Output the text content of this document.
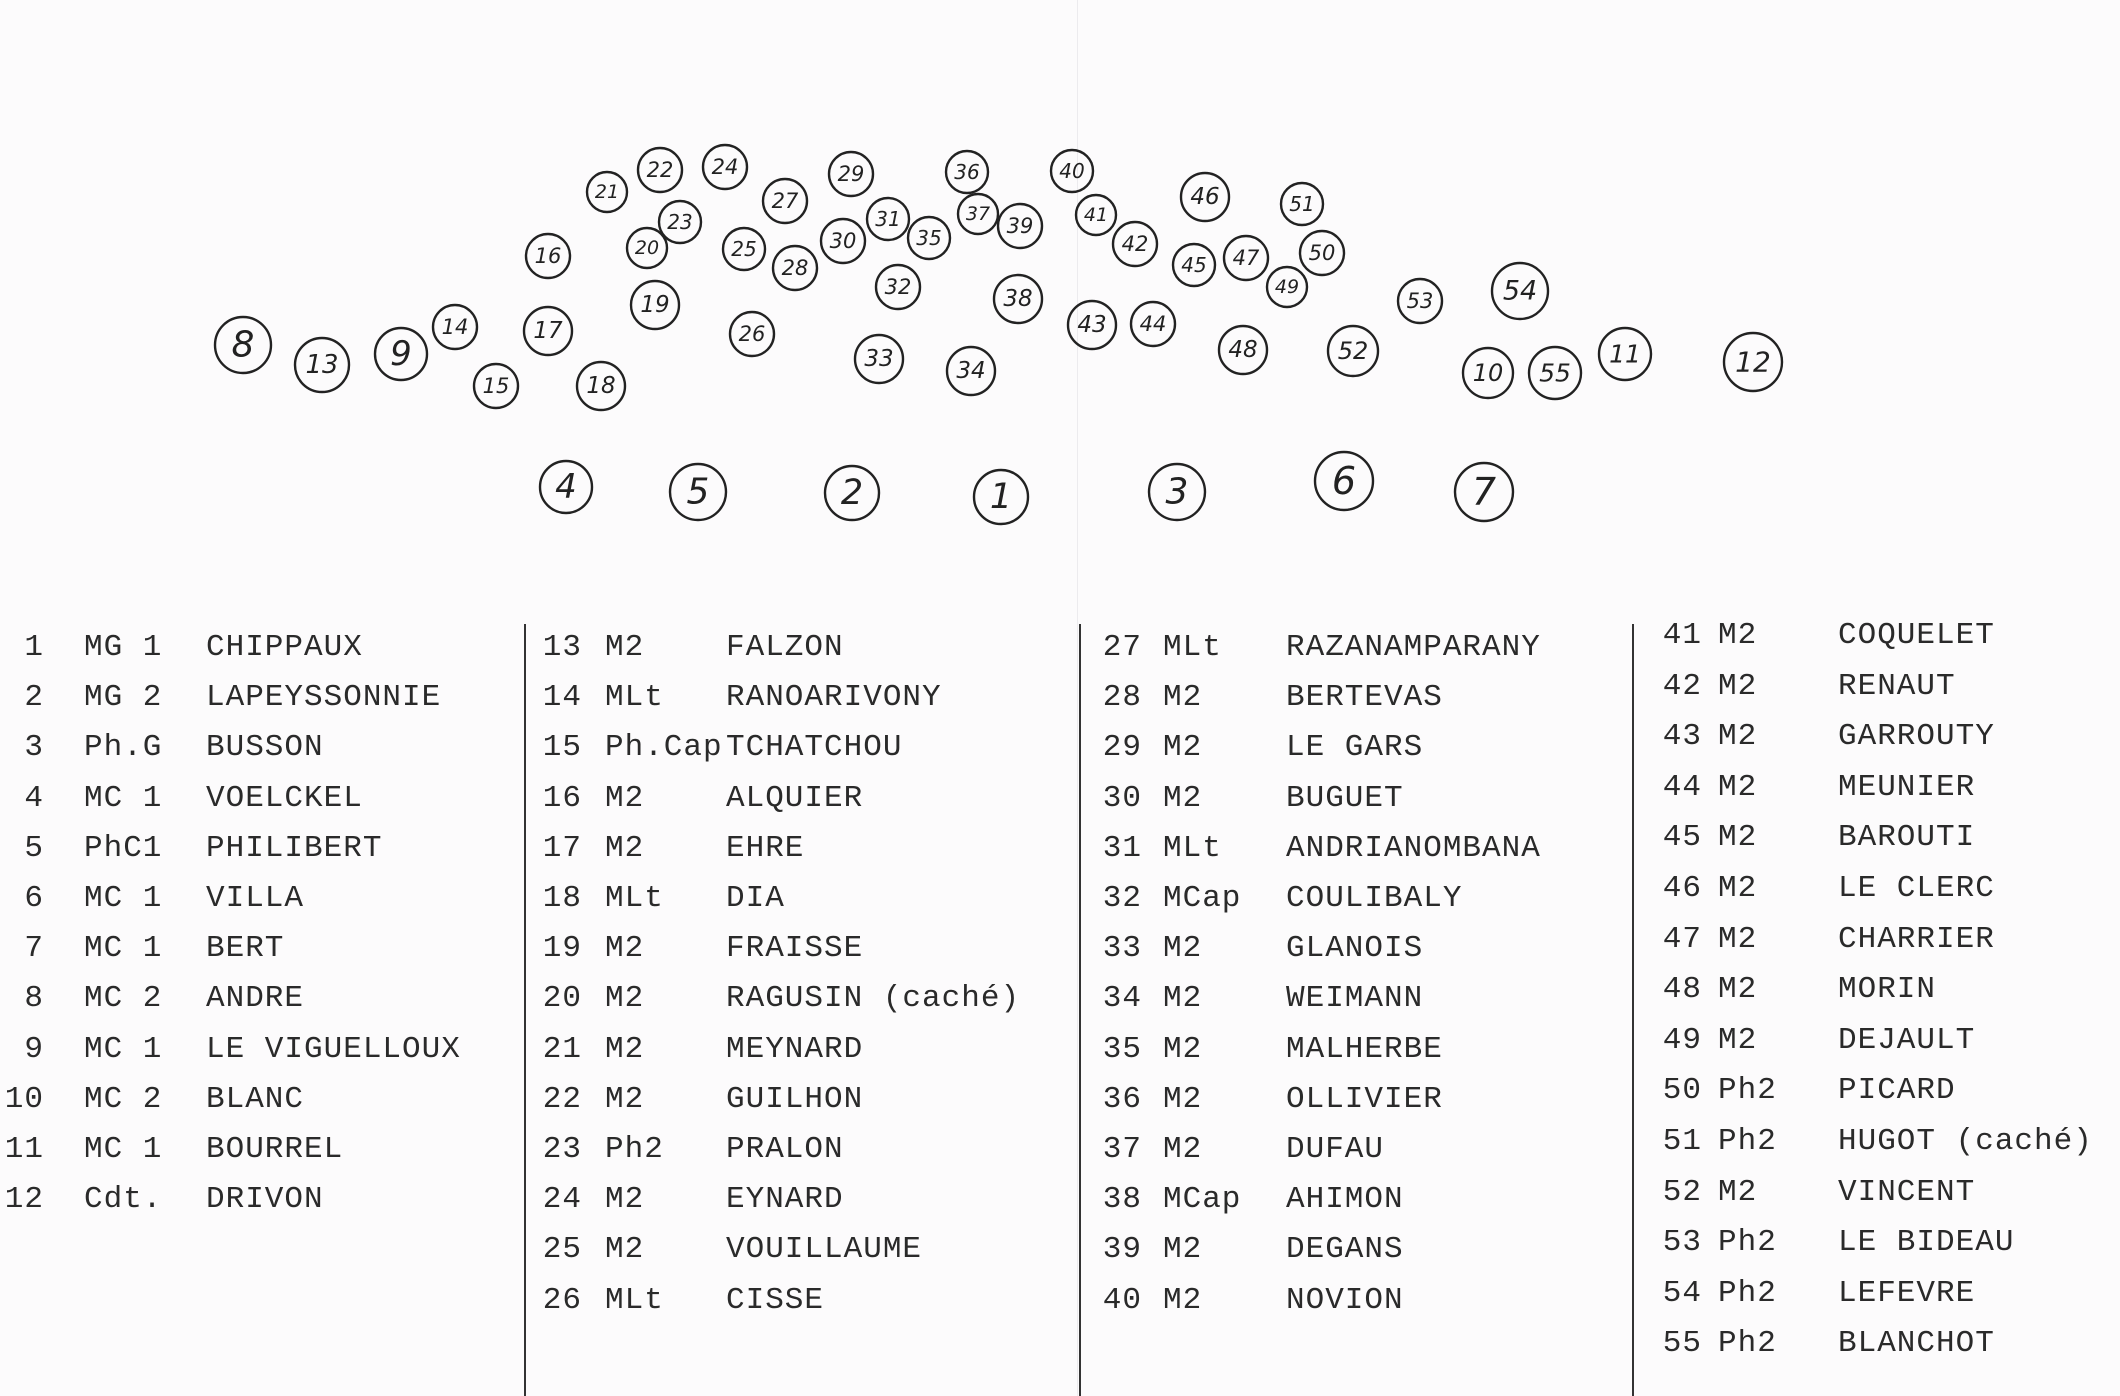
8 13 9
14
15
16
17
18
21
22 24
23
20
19
26
25
28
27
29
30
31
35
32
33	34
36
37 39
38
40
41
42
43 44
45
46
47
48
49
50
51
52
53	54
10 55
11	12
4	5	2	1	3	6	7
1 MG 1 CHIPPAUX
2 MG 2 LAPEYSSONNIE
3 Ph.G BUSSON
4 MC 1 VOELCKEL
5 PhC1 PHILIBERT
6 MC 1 VILLA
7 MC 1 BERT
8 MC 2 ANDRE
9 MC 1 LE VIGUELLOUX
10 MC 2 BLANC
11 MC 1 BOURREL
12 Cdt. DRIVON
13 M2	FALZON
14 MLt RANOARIVONY
15 Ph.Cap TCHATCHOU
16 M2	ALQUIER
17 M2	EHRE
18 MLt DIA
19 M2	FRAISSE
20 M2	RAGUSIN (caché)
21 M2	MEYNARD
22 M2	GUILHON
23 Ph2 PRALON
24 M2	EYNARD
25 M2	VOUILLAUME
26 MLt CISSE
27 MLt RAZANAMPARANY
28 M2	BERTEVAS
29 M2	LE GARS
30 M2	BUGUET
31 MLt ANDRIANOMBANA
32 MCap COULIBALY
33 M2	GLANOIS
34 M2	WEIMANN
35 M2	MALHERBE
36 M2	OLLIVIER
37 M2	DUFAU
38 MCap AHIMON
39 M2	DEGANS
40 M2	NOVION
41 M2	COQUELET
42 M2	RENAUT
43 M2	GARROUTY
44 M2	MEUNIER
45 M2	BAROUTI
46 M2	LE CLERC
47 M2	CHARRIER
48 M2	MORIN
49 M2	DEJAULT
50 Ph2 PICARD
51 Ph2 HUGOT (caché)
52 M2	VINCENT
53 Ph2 LE BIDEAU
54 Ph2 LEFEVRE
55 Ph2 BLANCHOT
